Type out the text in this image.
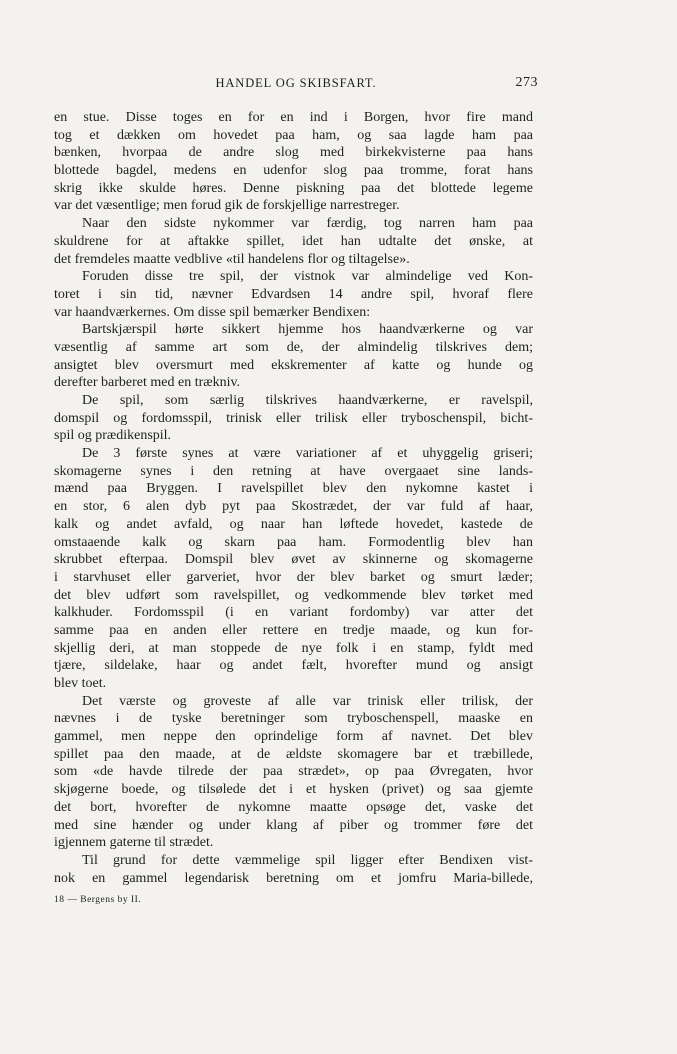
HANDEL OG SKIBSFART.	273
en stue. Disse toges en for en ind i Borgen, hvor fire mand
tog et dækken om hovedet paa ham, og saa lagde ham paa
bænken, hvorpaa de andre slog med birkekvisterne paa hans
blottede bagdel, medens en udenfor slog paa tromme, forat hans
skrig ikke skulde høres. Denne piskning paa det blottede legeme
var det væsentlige; men forud gik de forskjellige narrestreger.
Naar den sidste nykommer var færdig, tog narren ham paa
skuldrene for at aftakke spillet, idet han udtalte det ønske, at
det fremdeles maatte vedblive «til handelens flor og tiltagelse».
Foruden disse tre spil, der vistnok var almindelige ved Kon-
toret i sin tid, nævner Edvardsen 14 andre spil, hvoraf flere
var haandværkernes. Om disse spil bemærker Bendixen:
Bartskjærspil hørte sikkert hjemme hos haandværkerne og var
væsentlig af samme art som de, der almindelig tilskrives dem;
ansigtet blev oversmurt med ekskrementer af katte og hunde og
derefter barberet med en trækniv.
De spil, som særlig tilskrives haandværkerne, er ravelspil,
domspil og fordomsspil, trinisk eller trilisk eller tryboschenspil, bicht-
spil og prædikenspil.
De 3 første synes at være variationer af et uhyggelig griseri;
skomagerne synes i den retning at have overgaaet sine lands-
mænd paa Bryggen. I ravelspillet blev den nykomne kastet i
en stor, 6 alen dyb pyt paa Skostrædet, der var fuld af haar,
kalk og andet avfald, og naar han løftede hovedet, kastede de
omstaaende kalk og skarn paa ham. Formodentlig blev han
skrubbet efterpaa. Domspil blev øvet av skinnerne og skomagerne
i starvhuset eller garveriet, hvor der blev barket og smurt læder;
det blev udført som ravelspillet, og vedkommende blev tørket med
kalkhuder. Fordomsspil (i en variant fordomby) var atter det
samme paa en anden eller rettere en tredje maade, og kun for-
skjellig deri, at man stoppede de nye folk i en stamp, fyldt med
tjære, sildelake, haar og andet fælt, hvorefter mund og ansigt
blev toet.
Det værste og groveste af alle var trinisk eller trilisk, der
nævnes i de tyske beretninger som tryboschenspell, maaske en
gammel, men neppe den oprindelige form af navnet. Det blev
spillet paa den maade, at de ældste skomagere bar et træbillede,
som «de havde tilrede der paa strædet», op paa Øvregaten, hvor
skjøgerne boede, og tilsølede det i et hysken (privet) og saa gjemte
det bort, hvorefter de nykomne maatte opsøge det, vaske det
med sine hænder og under klang af piber og trommer føre det
igjennem gaterne til strædet.
Til grund for dette væmmelige spil ligger efter Bendixen vist-
nok en gammel legendarisk beretning om et jomfru Maria-billede,
18 — Bergens by II.
